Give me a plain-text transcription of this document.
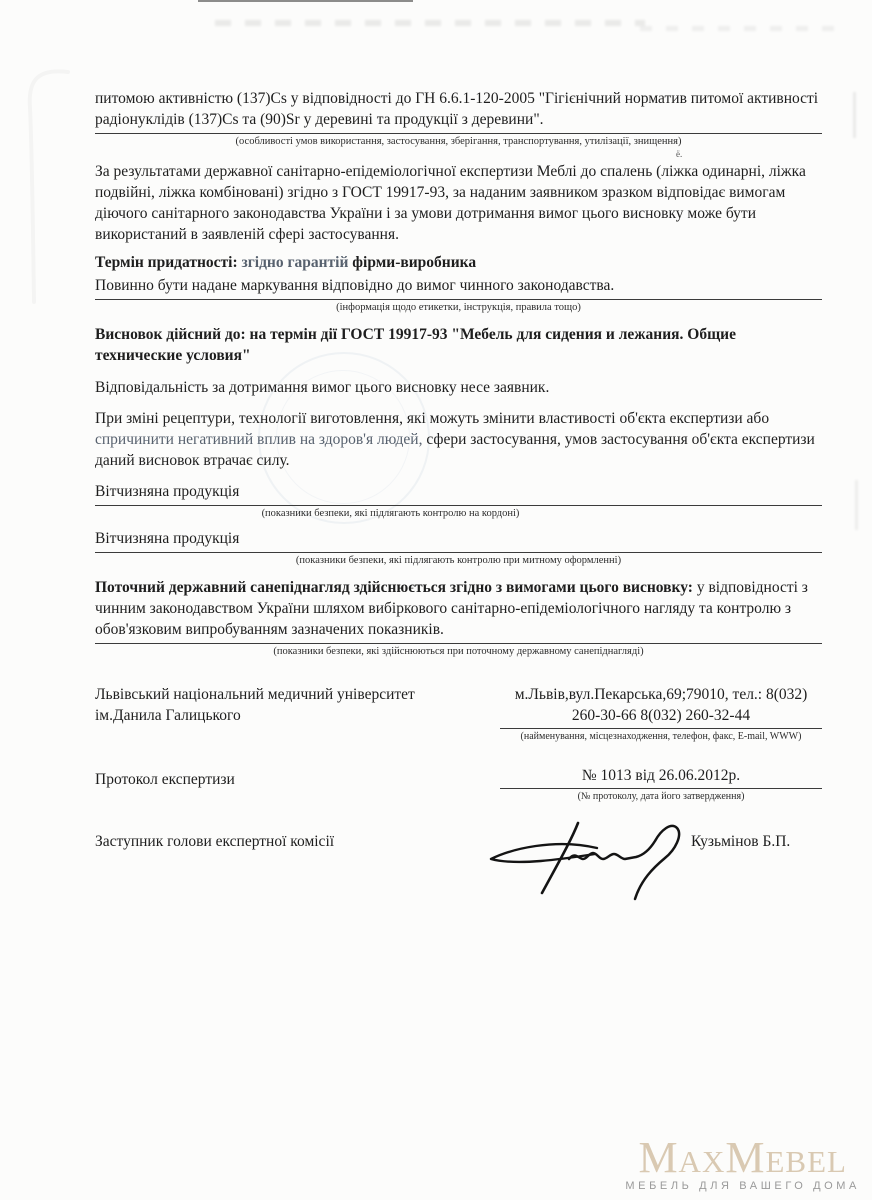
ё.

питомою активністю (137)Cs у відповідності до ГН 6.6.1-120-2005 "Гігієнічний норматив питомої активності радіонуклідів (137)Cs та (90)Sr у деревині та продукції з деревини".

(особливості умов використання, застосування, зберігання, транспортування, утилізації, знищення)

За результатами державної санітарно-епідеміологічної експертизи Меблі до спалень (ліжка одинарні, ліжка подвійні, ліжка комбіновані) згідно з ГОСТ 19917-93, за наданим заявником зразком відповідає вимогам діючого санітарного законодавства України і за умови дотримання вимог цього висновку може бути використаний в заявленій сфері застосування.

Термін придатності: згідно гарантій фірми-виробника

Повинно бути надане маркування відповідно до вимог чинного законодавства.

(інформація щодо етикетки, інструкція, правила тощо)

Висновок дійсний до: на термін дії ГОСТ 19917-93 "Мебель для сидения и лежания. Общие технические условия"

Відповідальність за дотримання вимог цього висновку несе заявник.

При зміні рецептури, технології виготовлення, які можуть змінити властивості об'єкта експертизи або спричинити негативний вплив на здоров'я людей, сфери застосування, умов застосування об'єкта експертизи даний висновок втрачає силу.

Вітчизняна продукція

(показники безпеки, які підлягають контролю на кордоні)

Вітчизняна продукція

(показники безпеки, які підлягають контролю при митному оформленні)

Поточний державний санепіднагляд здійснюється згідно з вимогами цього висновку: у відповідності з чинним законодавством України шляхом вибіркового санітарно-епідеміологічного нагляду та контролю з обов'язковим випробуванням зазначених показників.

(показники безпеки, які здійснюються при поточному державному санепіднагляді)
Львівський національний медичний університет ім.Данила Галицького
м.Львів,вул.Пекарська,69;79010, тел.: 8(032) 260-30-66 8(032) 260-32-44
(найменування, місцезнаходження, телефон, факс, E-mail, WWW)
Протокол експертизи	№ 1013 від 26.06.2012р.
(№ протоколу, дата його затвердження)
Заступник голови експертної комісії	Кузьмінов Б.П.
MaxMebel
МЕБЕЛЬ ДЛЯ ВАШЕГО ДОМА
